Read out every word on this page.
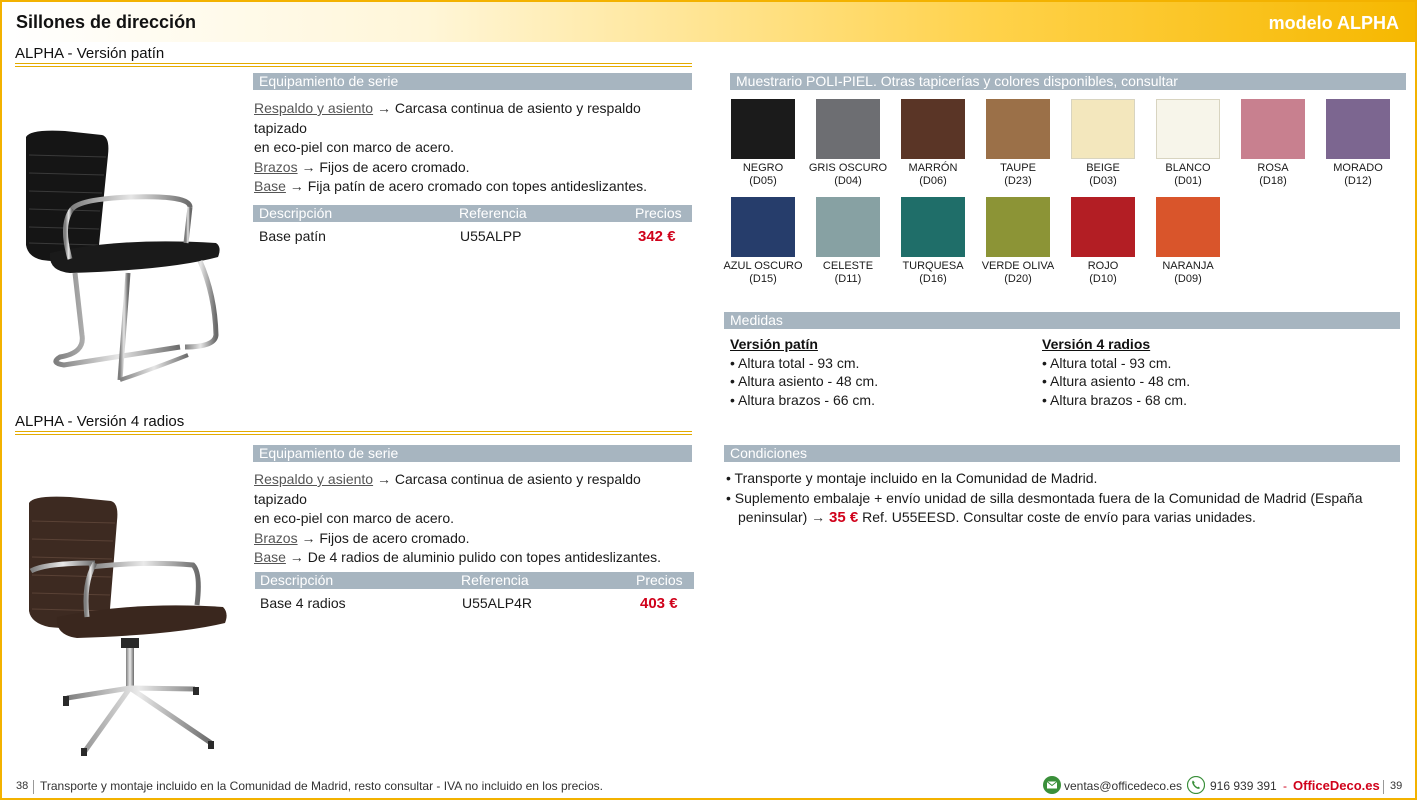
Sillones de dirección	modelo ALPHA
ALPHA - Versión patín
Equipamiento de serie
Respaldo y asiento → Carcasa continua de asiento y respaldo tapizado
en eco-piel con marco de acero.
Brazos → Fijos de acero cromado.
Base → Fija patín de acero cromado con topes antideslizantes.
Descripción	Referencia	Precios
Base patín	U55ALPP	342 €
ALPHA - Versión 4 radios
Equipamiento de serie
Respaldo y asiento → Carcasa continua de asiento y respaldo tapizado
en eco-piel con marco de acero.
Brazos → Fijos de acero cromado.
Base → De 4 radios de aluminio pulido con topes antideslizantes.
Descripción	Referencia	Precios
Base 4 radios	U55ALP4R	403 €
Muestrario POLI-PIEL. Otras tapicerías y colores disponibles, consultar
NEGRO
(D05)
GRIS OSCURO
(D04)
MARRÓN
(D06)
TAUPE
(D23)
BEIGE
(D03)
BLANCO
(D01)
ROSA
(D18)
MORADO
(D12)
AZUL OSCURO
(D15)
CELESTE
(D11)
TURQUESA
(D16)
VERDE OLIVA
(D20)
ROJO
(D10)
NARANJA
(D09)
Medidas
Versión patín
• Altura total - 93 cm.
• Altura asiento - 48 cm.
• Altura brazos - 66 cm.
Versión 4 radios
• Altura total - 93 cm.
• Altura asiento - 48 cm.
• Altura brazos - 68 cm.
Condiciones
• Transporte y montaje incluido en la Comunidad de Madrid.
• Suplemento embalaje + envío unidad de silla desmontada fuera de la Comunidad de Madrid (España
peninsular) → 35 € Ref. U55EESD. Consultar coste de envío para varias unidades.
38 Transporte y montaje incluido en la Comunidad de Madrid, resto consultar - IVA no incluido en los precios.	ventas@officedeco.es 916 939 391 - OfficeDeco.es 39
